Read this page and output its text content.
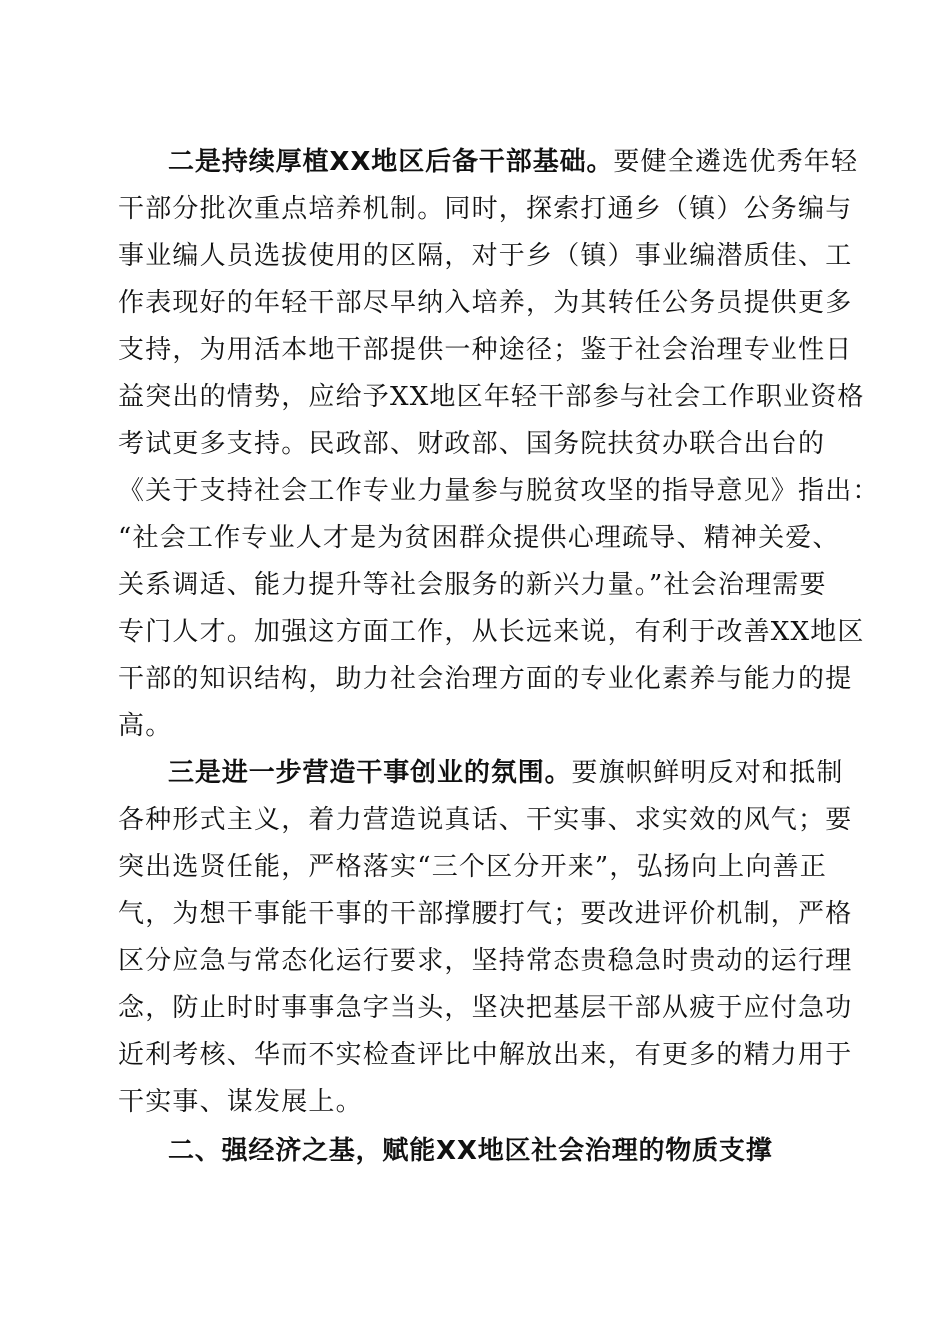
二是持续厚植XX地区后备干部基础。要健全遴选优秀年轻
干部分批次重点培养机制。同时，探索打通乡（镇）公务编与
事业编人员选拔使用的区隔，对于乡（镇）事业编潜质佳、工
作表现好的年轻干部尽早纳入培养，为其转任公务员提供更多
支持，为用活本地干部提供一种途径；鉴于社会治理专业性日
益突出的情势，应给予XX地区年轻干部参与社会工作职业资格
考试更多支持。民政部、财政部、国务院扶贫办联合出台的
《关于支持社会工作专业力量参与脱贫攻坚的指导意见》指出：
“社会工作专业人才是为贫困群众提供心理疏导、精神关爱、
关系调适、能力提升等社会服务的新兴力量。”社会治理需要
专门人才。加强这方面工作，从长远来说，有利于改善XX地区
干部的知识结构，助力社会治理方面的专业化素养与能力的提
高。
三是进一步营造干事创业的氛围。要旗帜鲜明反对和抵制
各种形式主义，着力营造说真话、干实事、求实效的风气；要
突出选贤任能，严格落实“三个区分开来”，弘扬向上向善正
气，为想干事能干事的干部撑腰打气；要改进评价机制，严格
区分应急与常态化运行要求，坚持常态贵稳急时贵动的运行理
念，防止时时事事急字当头，坚决把基层干部从疲于应付急功
近利考核、华而不实检查评比中解放出来，有更多的精力用于
干实事、谋发展上。
二、强经济之基，赋能XX地区社会治理的物质支撑
